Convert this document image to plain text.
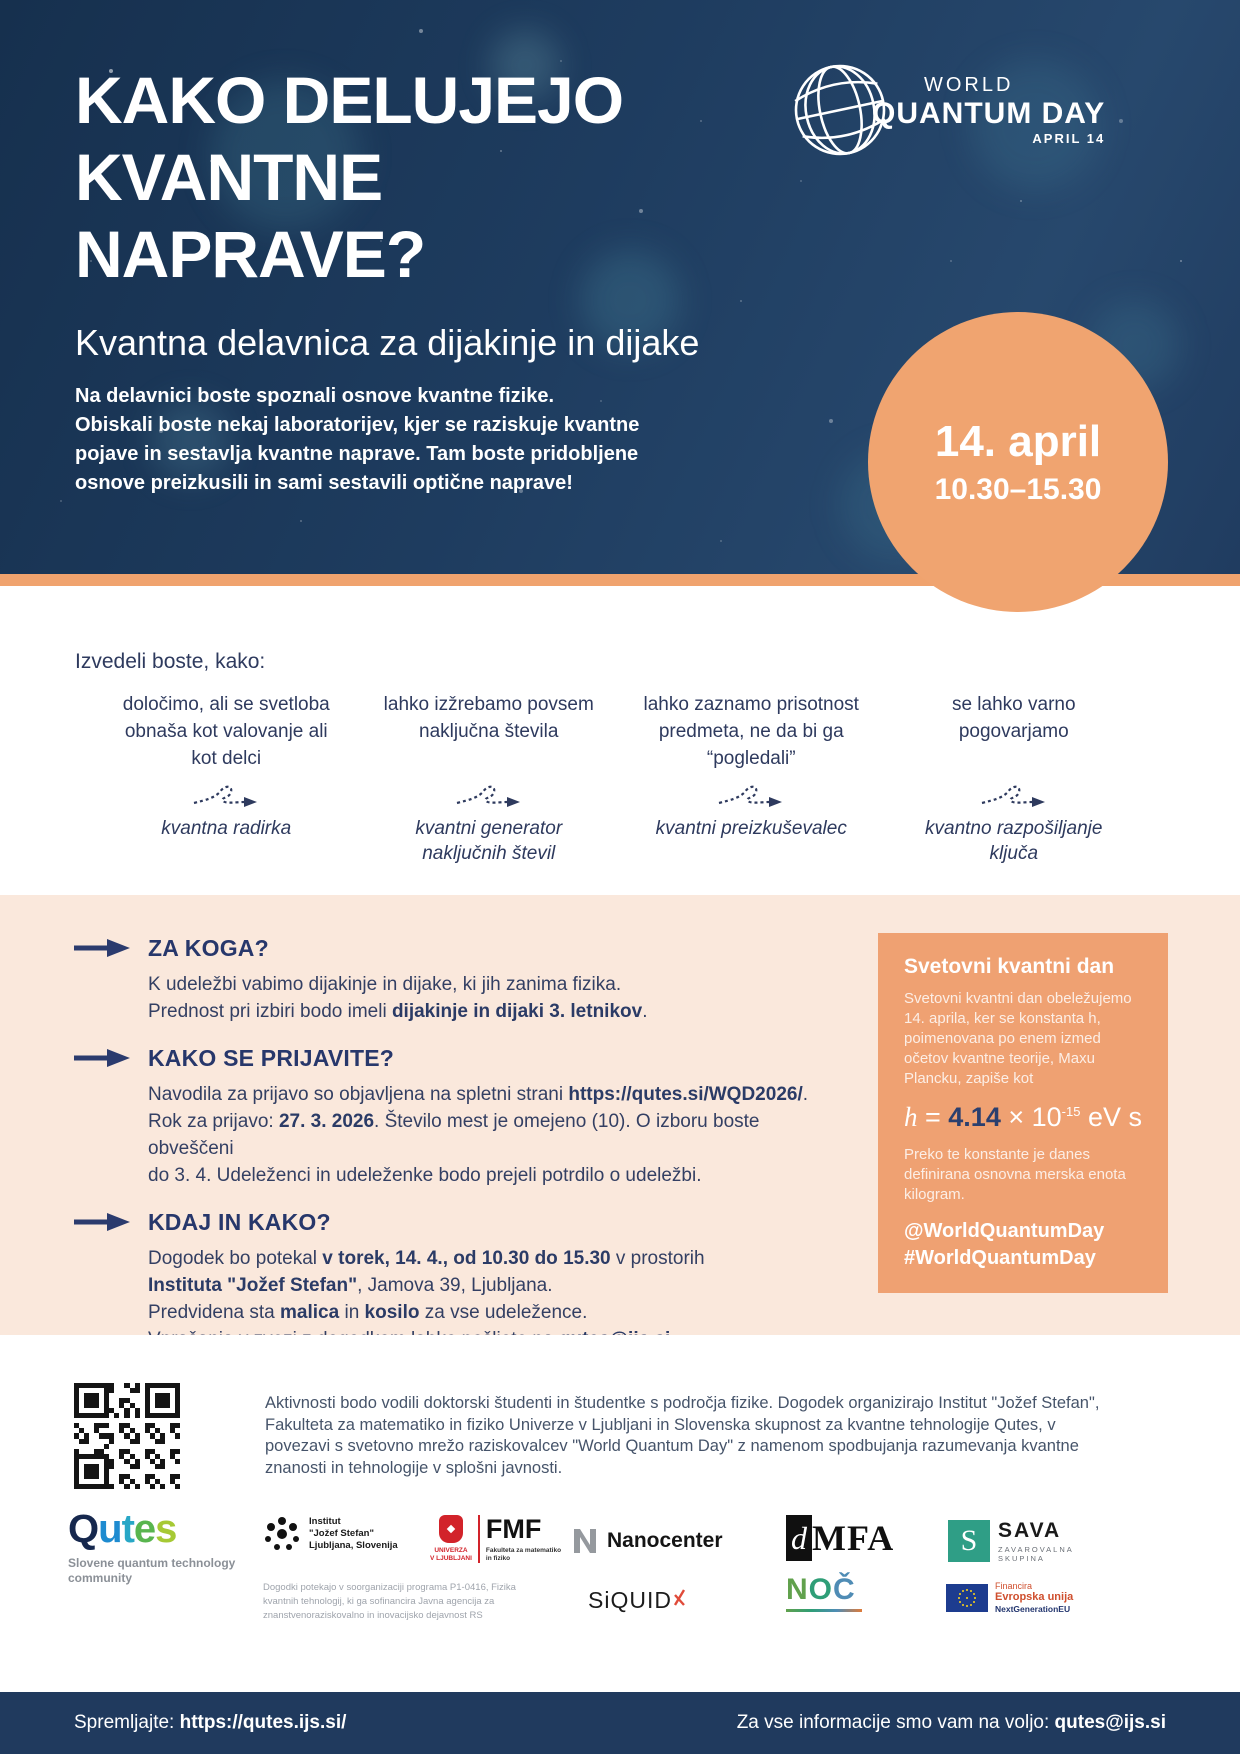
WORLD
QUANTUM DAY
APRIL 14
KAKO DELUJEJO
KVANTNE
NAPRAVE?
Kvantna delavnica za dijakinje in dijake
Na delavnici boste spoznali osnove kvantne fizike.
Obiskali boste nekaj laboratorijev, kjer se raziskuje kvantne
pojave in sestavlja kvantne naprave. Tam boste pridobljene
osnove preizkusili in sami sestavili optične naprave!
14. april
10.30–15.30
Izvedeli boste, kako:
določimo, ali se svetloba obnaša kot valovanje ali kot delci
kvantna radirka
lahko izžrebamo povsem naključna števila
kvantni generator naključnih števil
lahko zaznamo prisotnost predmeta, ne da bi ga “pogledali”
kvantni preizkuševalec
se lahko varno pogovarjamo
kvantno razpošiljanje ključa
ZA KOGA?
K udeležbi vabimo dijakinje in dijake, ki jih zanima fizika.
Prednost pri izbiri bodo imeli dijakinje in dijaki 3. letnikov.
KAKO SE PRIJAVITE?
Navodila za prijavo so objavljena na spletni strani https://qutes.si/WQD2026/.
Rok za prijavo: 27. 3. 2026. Število mest je omejeno (10). O izboru boste obveščeni
do 3. 4. Udeleženci in udeleženke bodo prejeli potrdilo o udeležbi.
KDAJ IN KAKO?
Dogodek bo potekal v torek, 14. 4., od 10.30 do 15.30 v prostorih
Instituta "Jožef Stefan", Jamova 39, Ljubljana.
Predvidena sta malica in kosilo za vse udeležence.
Svetovni kvantni dan

Svetovni kvantni dan obeležujemo 14. aprila, ker se konstanta h, poimenovana po enem izmed očetov kvantne teorije, Maxu Plancku, zapiše kot

$h = 4.14 \times 10^{-15}$ eV s

Preko te konstante je danes definirana osnovna merska enota kilogram.

@WorldQuantumDay
#WorldQuantumDay

Aktivnosti bodo vodili doktorski študenti in študentke s področja fizike. Dogodek organizirajo Institut "Jožef Stefan", Fakulteta za matematiko in fiziko Univerze v Ljubljani in Slovenska skupnost za kvantne tehnologije Qutes, v povezavi s svetovno mrežo raziskovalcev "World Quantum Day" z namenom spodbujanja razumevanja kvantne znanosti in tehnologije v splošni javnosti.

Dogodki potekajo v soorganizaciji programa P1-0416, Fizika kvantnih tehnologij, ki ga sofinancira Javna agencija za znanstvenoraziskovalno in inovacijsko dejavnost RS
Qutes
Slovene quantum technology community
Institut
"Jožef Stefan"
Ljubljana, Slovenija	UNIVERZA
V LJUBLJANI
FMF
Fakulteta za matematiko
in fiziko
Nanocenter d MFA	S SAVA
ZAVAROVALNA
SKUPINA
SiQUID	NOČ	Financira
Evropska unija
NextGenerationEU
Spremljajte: https://qutes.ijs.si/	Za vse informacije smo vam na voljo: qutes@ijs.si
